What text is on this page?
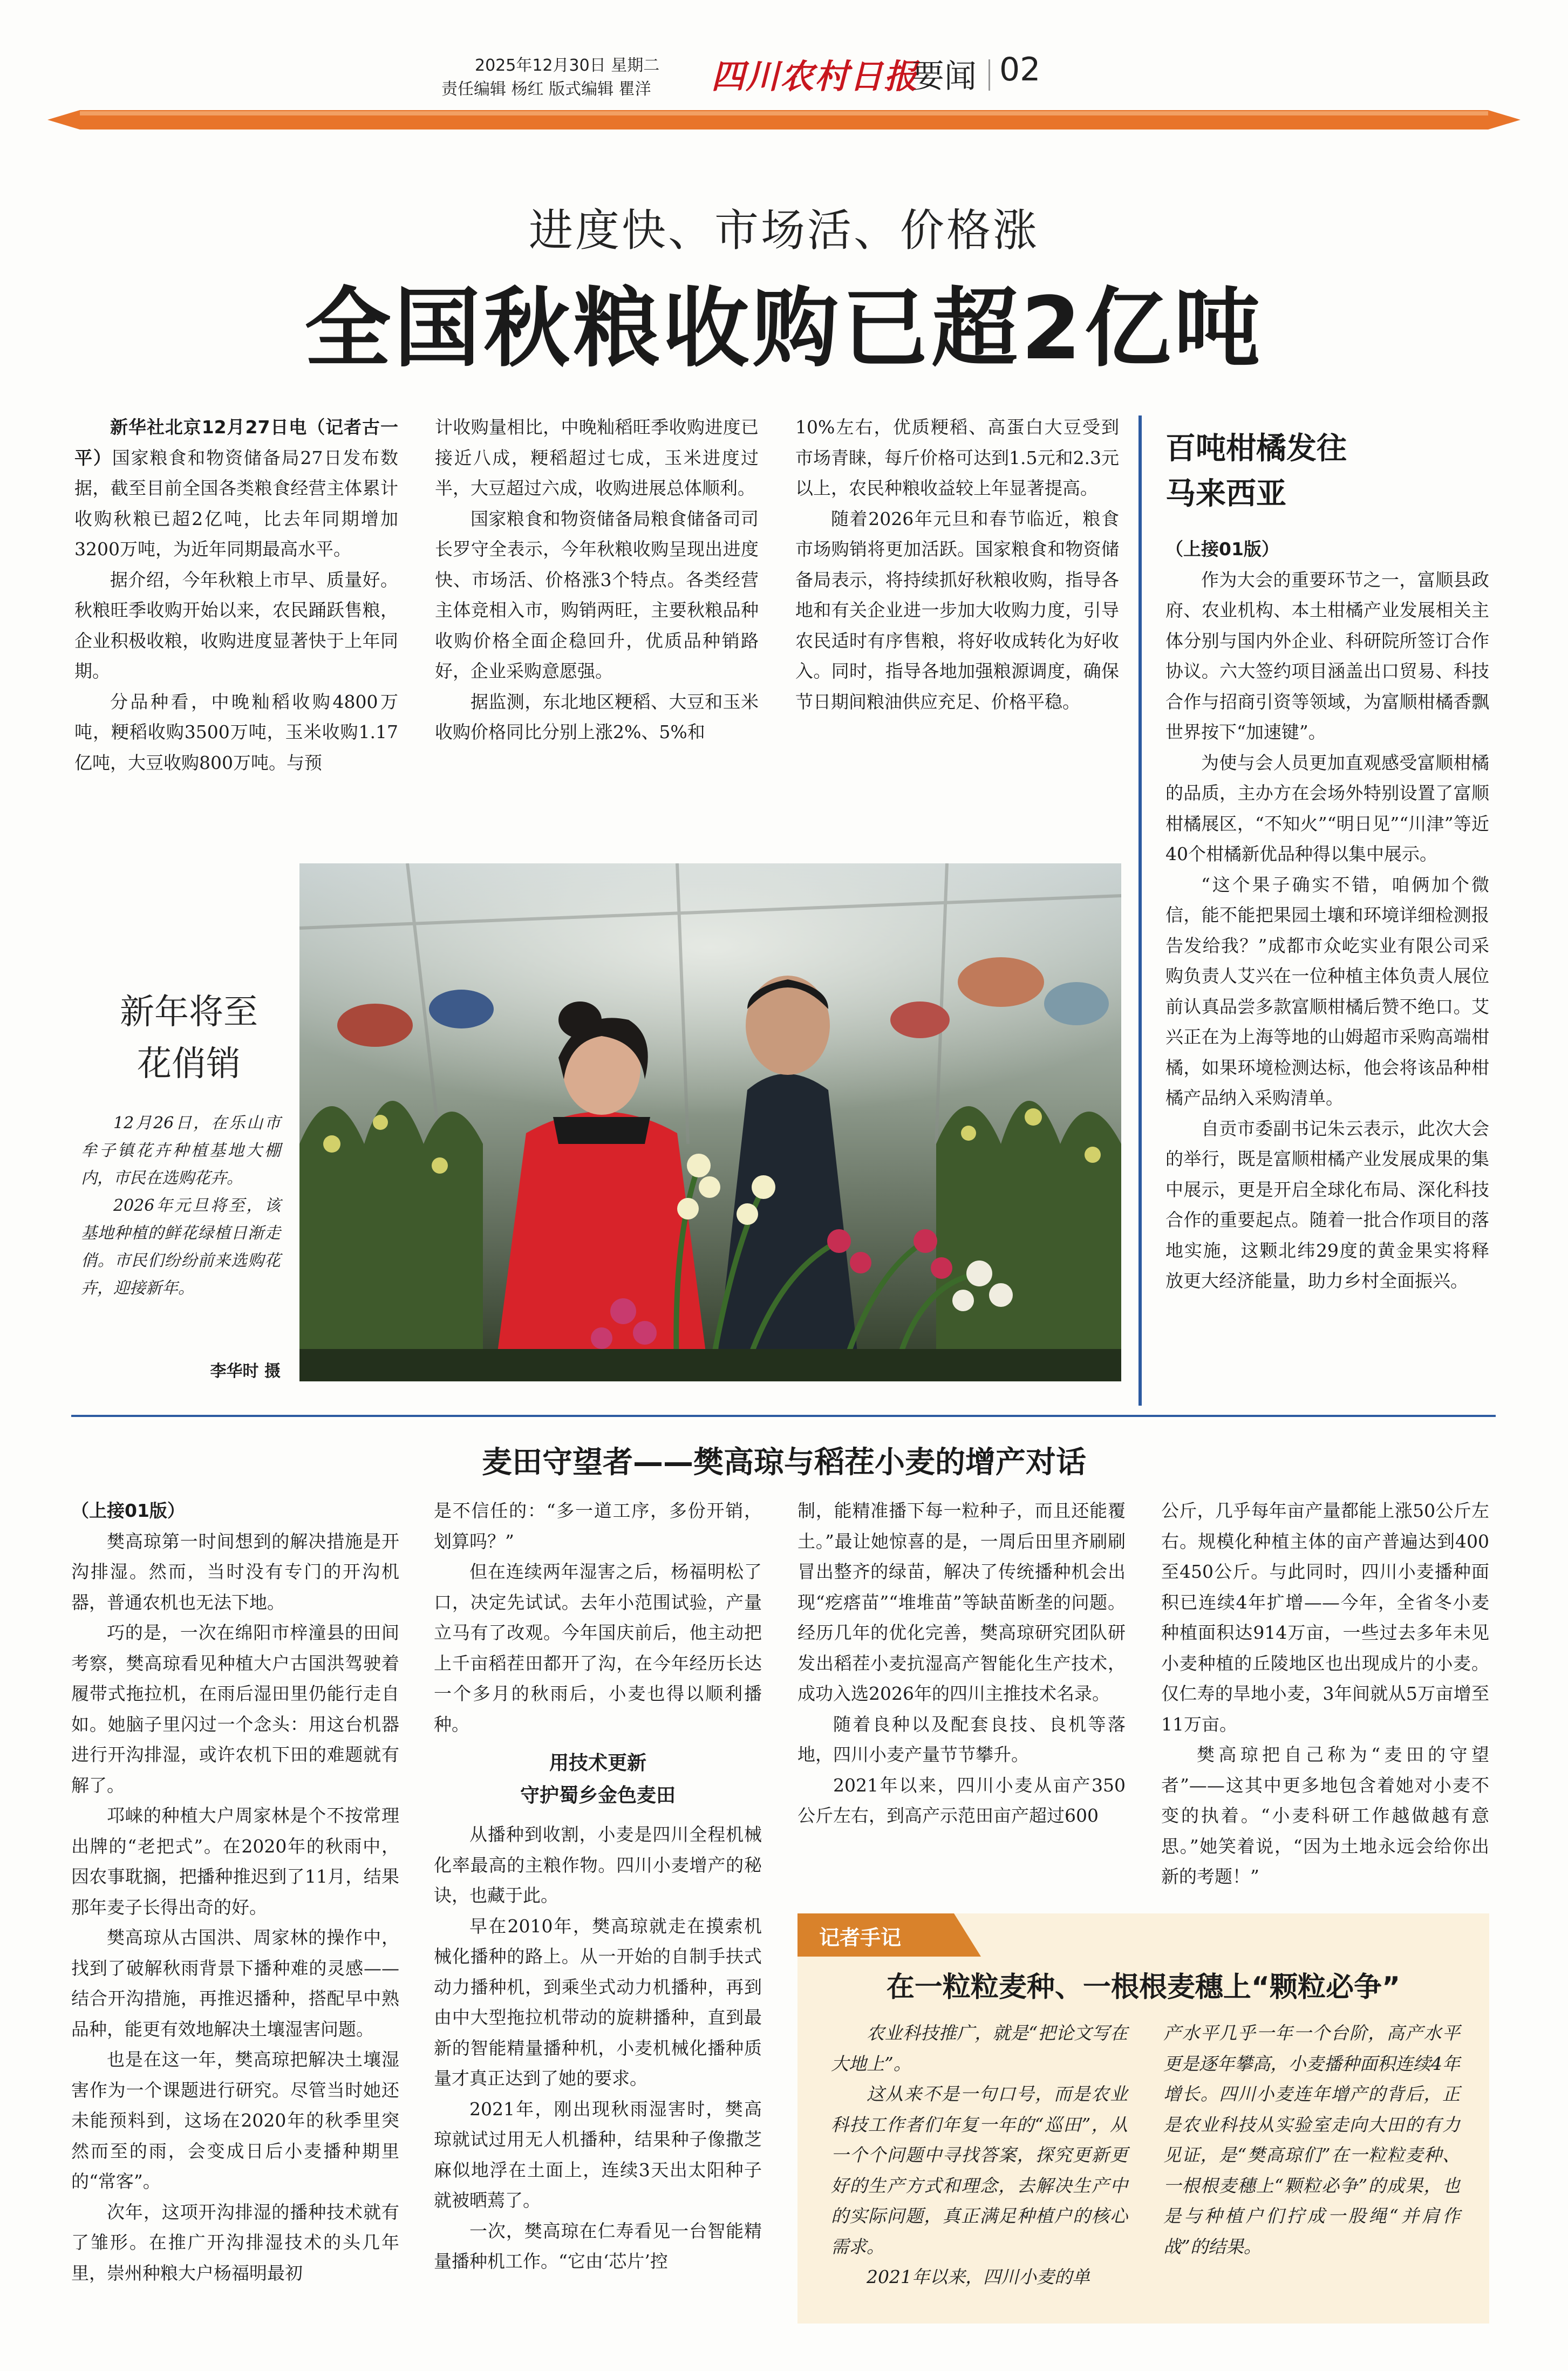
2025年12月30日 星期二
责任编辑 杨红 版式编辑 瞿洋 四川农村日报
要闻 02
进度快、市场活、价格涨
全国秋粮收购已超2亿吨

新华社北京12月27日电（记者古一平）国家粮食和物资储备局27日发布数据，截至目前全国各类粮食经营主体累计收购秋粮已超2亿吨，比去年同期增加3200万吨，为近年同期最高水平。

据介绍，今年秋粮上市早、质量好。秋粮旺季收购开始以来，农民踊跃售粮，企业积极收粮，收购进度显著快于上年同期。

分品种看，中晚籼稻收购4800万吨，粳稻收购3500万吨，玉米收购1.17亿吨，大豆收购800万吨。与预

计收购量相比，中晚籼稻旺季收购进度已接近八成，粳稻超过七成，玉米进度过半，大豆超过六成，收购进展总体顺利。

国家粮食和物资储备局粮食储备司司长罗守全表示，今年秋粮收购呈现出进度快、市场活、价格涨3个特点。各类经营主体竞相入市，购销两旺，主要秋粮品种收购价格全面企稳回升，优质品种销路好，企业采购意愿强。

据监测，东北地区粳稻、大豆和玉米收购价格同比分别上涨2%、5%和

10%左右，优质粳稻、高蛋白大豆受到市场青睐，每斤价格可达到1.5元和2.3元以上，农民种粮收益较上年显著提高。

随着2026年元旦和春节临近，粮食市场购销将更加活跃。国家粮食和物资储备局表示，将持续抓好秋粮收购，指导各地和有关企业进一步加大收购力度，引导农民适时有序售粮，将好收成转化为好收入。同时，指导各地加强粮源调度，确保节日期间粮油供应充足、价格平稳。

新年将至
花俏销

12月26日，在乐山市牟子镇花卉种植基地大棚内，市民在选购花卉。

2026年元旦将至，该基地种植的鲜花绿植日渐走俏。市民们纷纷前来选购花卉，迎接新年。

李华时 摄
百吨柑橘发往
马来西亚

（上接01版）

作为大会的重要环节之一，富顺县政府、农业机构、本土柑橘产业发展相关主体分别与国内外企业、科研院所签订合作协议。六大签约项目涵盖出口贸易、科技合作与招商引资等领域，为富顺柑橘香飘世界按下“加速键”。

为使与会人员更加直观感受富顺柑橘的品质，主办方在会场外特别设置了富顺柑橘展区，“不知火”“明日见”“川津”等近40个柑橘新优品种得以集中展示。

“这个果子确实不错，咱俩加个微信，能不能把果园土壤和环境详细检测报告发给我？”成都市众屹实业有限公司采购负责人艾兴在一位种植主体负责人展位前认真品尝多款富顺柑橘后赞不绝口。艾兴正在为上海等地的山姆超市采购高端柑橘，如果环境检测达标，他会将该品种柑橘产品纳入采购清单。

自贡市委副书记朱云表示，此次大会的举行，既是富顺柑橘产业发展成果的集中展示，更是开启全球化布局、深化科技合作的重要起点。随着一批合作项目的落地实施，这颗北纬29度的黄金果实将释放更大经济能量，助力乡村全面振兴。

麦田守望者——樊高琼与稻茬小麦的增产对话

（上接01版）

樊高琼第一时间想到的解决措施是开沟排湿。然而，当时没有专门的开沟机器，普通农机也无法下地。

巧的是，一次在绵阳市梓潼县的田间考察，樊高琼看见种植大户古国洪驾驶着履带式拖拉机，在雨后湿田里仍能行走自如。她脑子里闪过一个念头：用这台机器进行开沟排湿，或许农机下田的难题就有解了。

邛崃的种植大户周家林是个不按常理出牌的“老把式”。在2020年的秋雨中，因农事耽搁，把播种推迟到了11月，结果那年麦子长得出奇的好。

樊高琼从古国洪、周家林的操作中，找到了破解秋雨背景下播种难的灵感——结合开沟措施，再推迟播种，搭配早中熟品种，能更有效地解决土壤湿害问题。

也是在这一年，樊高琼把解决土壤湿害作为一个课题进行研究。尽管当时她还未能预料到，这场在2020年的秋季里突然而至的雨，会变成日后小麦播种期里的“常客”。

次年，这项开沟排湿的播种技术就有了雏形。在推广开沟排湿技术的头几年里，崇州种粮大户杨福明最初

是不信任的：“多一道工序，多份开销，划算吗？”

但在连续两年湿害之后，杨福明松了口，决定先试试。去年小范围试验，产量立马有了改观。今年国庆前后，他主动把上千亩稻茬田都开了沟，在今年经历长达一个多月的秋雨后，小麦也得以顺利播种。

用技术更新
守护蜀乡金色麦田

从播种到收割，小麦是四川全程机械化率最高的主粮作物。四川小麦增产的秘诀，也藏于此。

早在2010年，樊高琼就走在摸索机械化播种的路上。从一开始的自制手扶式动力播种机，到乘坐式动力机播种，再到由中大型拖拉机带动的旋耕播种，直到最新的智能精量播种机，小麦机械化播种质量才真正达到了她的要求。

2021年，刚出现秋雨湿害时，樊高琼就试过用无人机播种，结果种子像撒芝麻似地浮在土面上，连续3天出太阳种子就被晒蔫了。

一次，樊高琼在仁寿看见一台智能精量播种机工作。“它由‘芯片’控

制，能精准播下每一粒种子，而且还能覆土。”最让她惊喜的是，一周后田里齐刷刷冒出整齐的绿苗，解决了传统播种机会出现“疙瘩苗”“堆堆苗”等缺苗断垄的问题。经历几年的优化完善，樊高琼研究团队研发出稻茬小麦抗湿高产智能化生产技术，成功入选2026年的四川主推技术名录。

随着良种以及配套良技、良机等落地，四川小麦产量节节攀升。

2021年以来，四川小麦从亩产350公斤左右，到高产示范田亩产超过600

公斤，几乎每年亩产量都能上涨50公斤左右。规模化种植主体的亩产普遍达到400至450公斤。与此同时，四川小麦播种面积已连续4年扩增——今年，全省冬小麦种植面积达914万亩，一些过去多年未见小麦种植的丘陵地区也出现成片的小麦。仅仁寿的旱地小麦，3年间就从5万亩增至11万亩。

樊高琼把自己称为“麦田的守望者”——这其中更多地包含着她对小麦不变的执着。“小麦科研工作越做越有意思。”她笑着说，“因为土地永远会给你出新的考题！”

记者手记
在一粒粒麦种、一根根麦穗上“颗粒必争”

农业科技推广，就是“把论文写在大地上”。

这从来不是一句口号，而是农业科技工作者们年复一年的“巡田”，从一个个问题中寻找答案，探究更新更好的生产方式和理念，去解决生产中的实际问题，真正满足种植户的核心需求。

2021年以来，四川小麦的单

产水平几乎一年一个台阶，高产水平更是逐年攀高，小麦播种面积连续4年增长。四川小麦连年增产的背后，正是农业科技从实验室走向大田的有力见证，是“樊高琼们”在一粒粒麦种、一根根麦穗上“颗粒必争”的成果，也是与种植户们拧成一股绳“并肩作战”的结果。
